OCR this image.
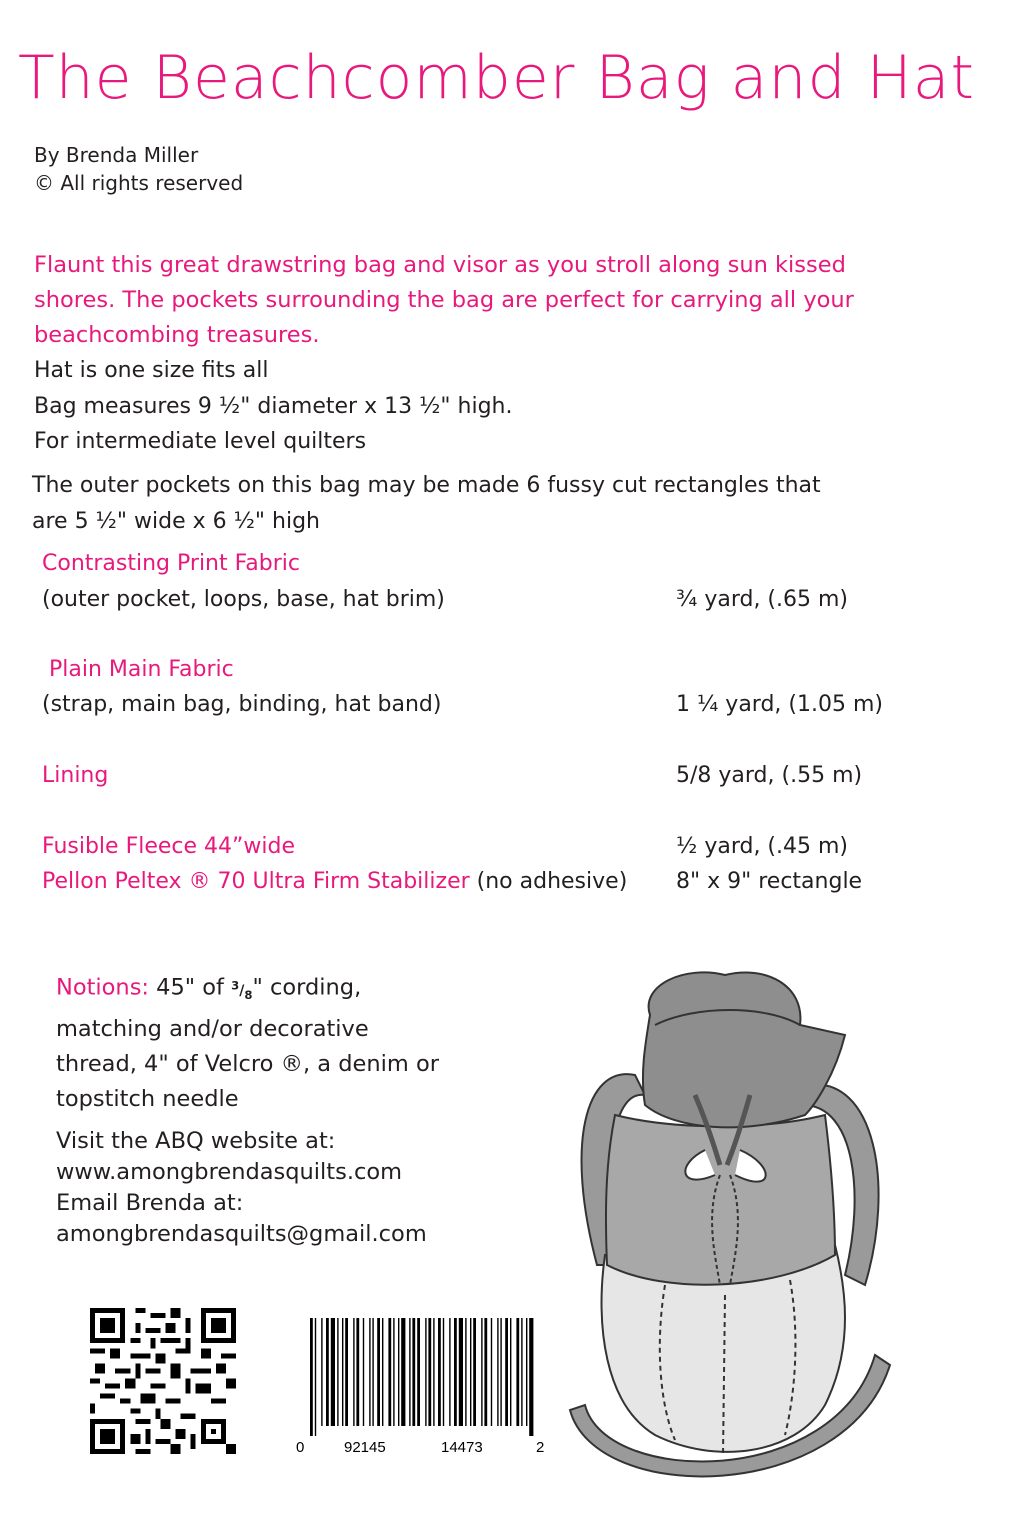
The Beachcomber Bag and Hat
By Brenda Miller
© All rights reserved
Flaunt this great drawstring bag and visor as you stroll along sun kissed
shores. The pockets surrounding the bag are perfect for carrying all your
beachcombing treasures.
Hat is one size fits all
Bag measures 9 ½" diameter x 13 ½" high.
For intermediate level quilters
The outer pockets on this bag may be made 6 fussy cut rectangles that
are 5 ½" wide x 6 ½" high
Contrasting Print Fabric
(outer pocket, loops, base, hat brim)	¾ yard, (.65 m)
Plain Main Fabric
(strap, main bag, binding, hat band)	1 ¼ yard, (1.05 m)
Lining	5/8 yard, (.55 m)
Fusible Fleece 44”wide	½ yard, (.45 m)
Pellon Peltex ® 70 Ultra Firm Stabilizer (no adhesive) 8" x 9" rectangle
Notions: 45" of $^3/_8$" cording,
matching and/or decorative
thread, 4" of Velcro ®, a denim or
topstitch needle
Visit the ABQ website at:
www.amongbrendasquilts.com
Email Brenda at:
amongbrendasquilts@gmail.com
0	92145	14473	2
